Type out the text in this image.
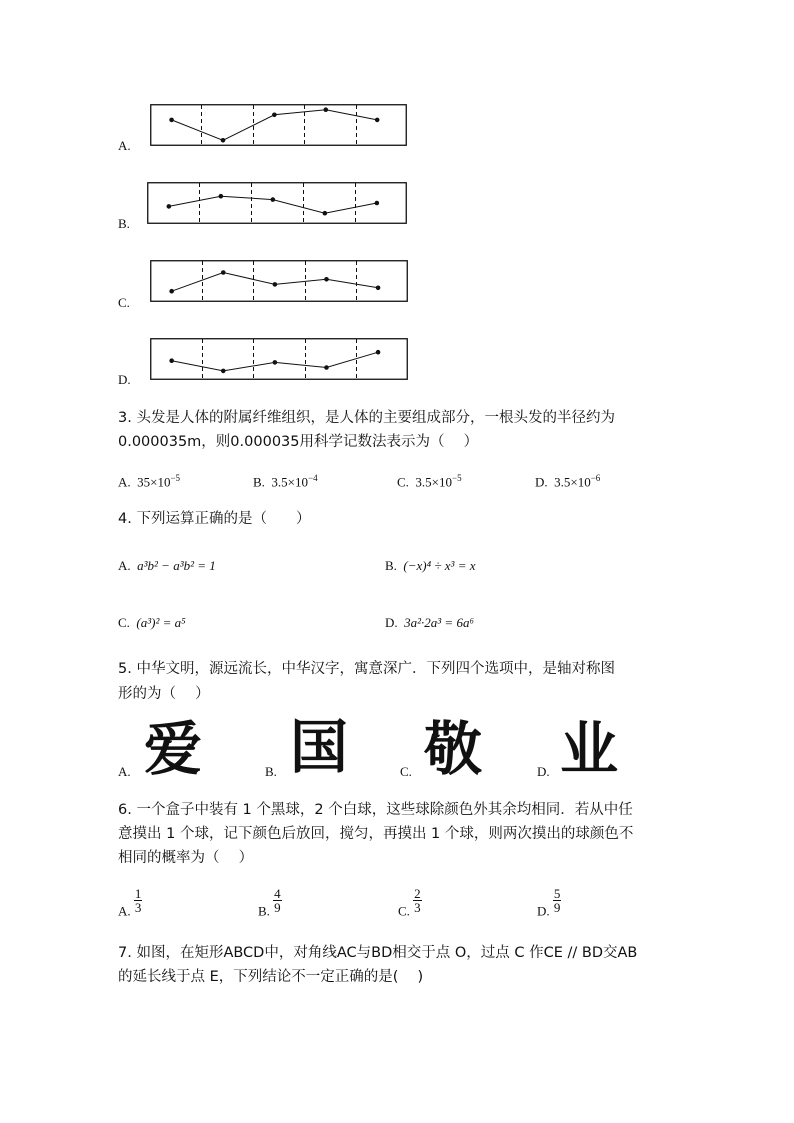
A.
B.
C.
D.
3. 头发是人体的附属纤维组织，是人体的主要组成部分，一根头发的半径约为
0.000035m，则0.000035用科学记数法表示为（　 ）
A. $35\times 10^{-5}$	B. $3.5\times 10^{-4}$	C. $3.5\times 10^{-5}$	D. $3.5\times 10^{-6}$
4. 下列运算正确的是（　　）
A. a³b² − a³b² = 1	B. (−x)⁴ ÷ x³ = x
C. (a³)² = a⁵	D. 3a²·2a³ = 6a⁶
5. 中华文明，源远流长，中华汉字，寓意深广．下列四个选项中，是轴对称图
形的为（　 ）
A. 爱	B. 国	C. 敬	D. 业
6. 一个盒子中装有 1 个黑球，2 个白球，这些球除颜色外其余均相同．若从中任
意摸出 1 个球，记下颜色后放回，搅匀，再摸出 1 个球，则两次摸出的球颜色不
相同的概率为（　 ）
A. $\frac{1}{3}$	B. $\frac{4}{9}$	C. $\frac{2}{3}$	D. $\frac{5}{9}$
7. 如图，在矩形ABCD中，对角线AC与BD相交于点 O，过点 C 作CE // BD交AB
的延长线于点 E，下列结论不一定正确的是(　 )
